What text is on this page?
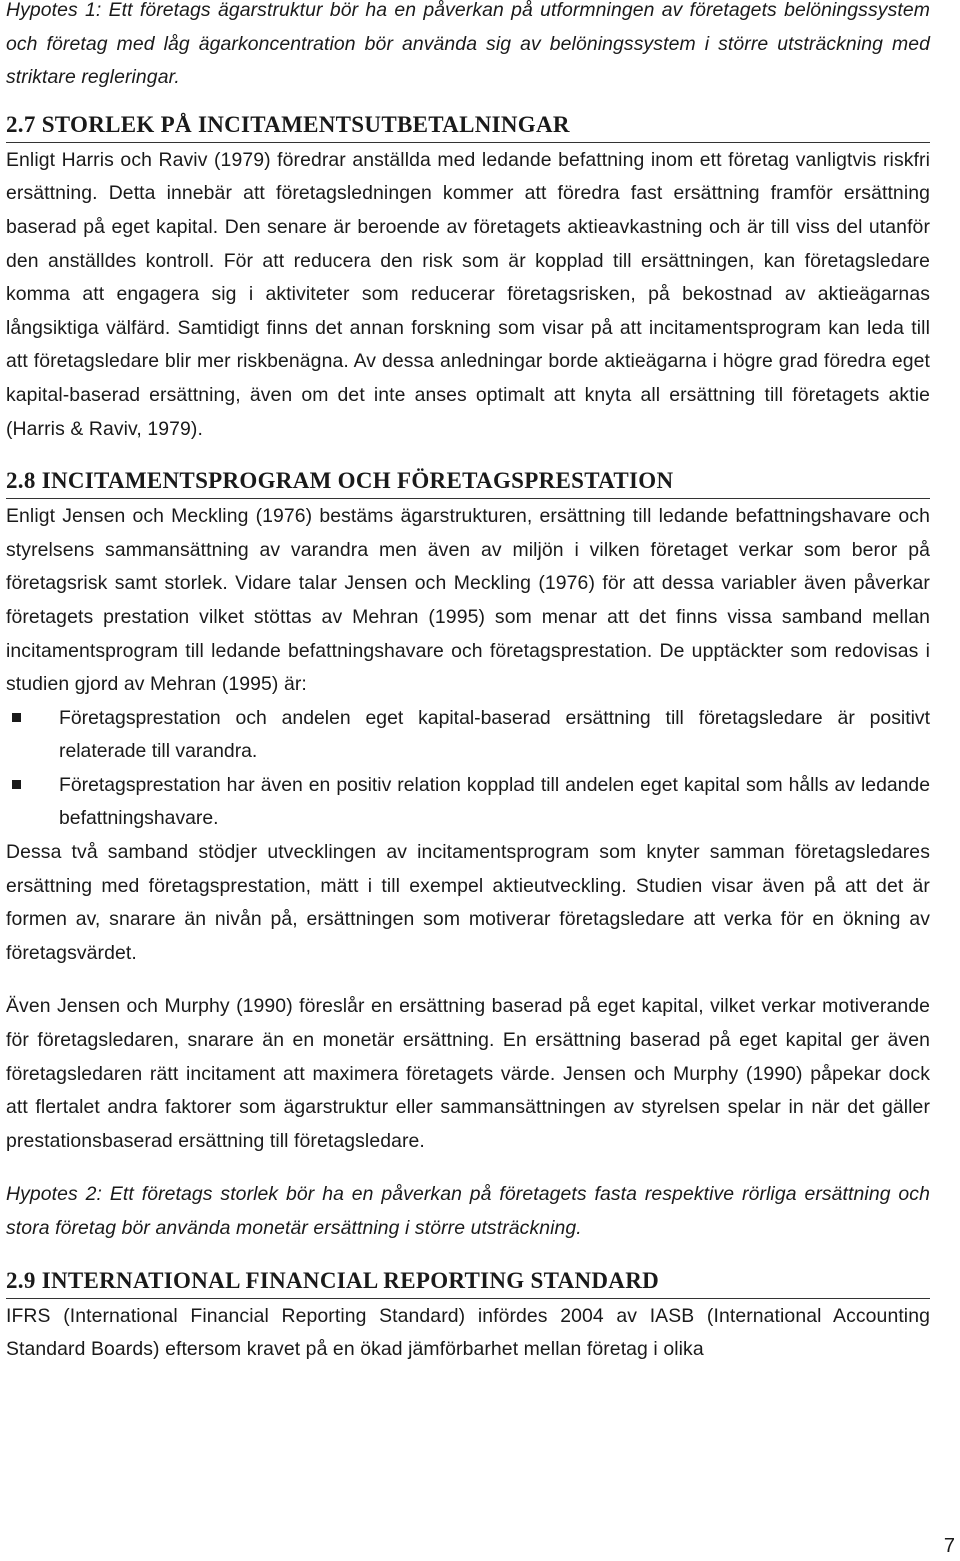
Hypotes 1: Ett företags ägarstruktur bör ha en påverkan på utformningen av företagets belöningssystem och företag med låg ägarkoncentration bör använda sig av belöningssystem i större utsträckning med striktare regleringar.

2.7 STORLEK PÅ INCITAMENTSUTBETALNINGAR

Enligt Harris och Raviv (1979) föredrar anställda med ledande befattning inom ett företag vanligtvis riskfri ersättning. Detta innebär att företagsledningen kommer att föredra fast ersättning framför ersättning baserad på eget kapital. Den senare är beroende av företagets aktieavkastning och är till viss del utanför den anställdes kontroll. För att reducera den risk som är kopplad till ersättningen, kan företagsledare komma att engagera sig i aktiviteter som reducerar företagsrisken, på bekostnad av aktieägarnas långsiktiga välfärd. Samtidigt finns det annan forskning som visar på att incitamentsprogram kan leda till att företagsledare blir mer riskbenägna. Av dessa anledningar borde aktieägarna i högre grad föredra eget kapital-baserad ersättning, även om det inte anses optimalt att knyta all ersättning till företagets aktie (Harris & Raviv, 1979).

2.8 INCITAMENTSPROGRAM OCH FÖRETAGSPRESTATION

Enligt Jensen och Meckling (1976) bestäms ägarstrukturen, ersättning till ledande befattningshavare och styrelsens sammansättning av varandra men även av miljön i vilken företaget verkar som beror på företagsrisk samt storlek. Vidare talar Jensen och Meckling (1976) för att dessa variabler även påverkar företagets prestation vilket stöttas av Mehran (1995) som menar att det finns vissa samband mellan incitamentsprogram till ledande befattningshavare och företagsprestation. De upptäckter som redovisas i studien gjord av Mehran (1995) är:

Företagsprestation och andelen eget kapital-baserad ersättning till företagsledare är positivt relaterade till varandra.
Företagsprestation har även en positiv relation kopplad till andelen eget kapital som hålls av ledande befattningshavare.

Dessa två samband stödjer utvecklingen av incitamentsprogram som knyter samman företagsledares ersättning med företagsprestation, mätt i till exempel aktieutveckling. Studien visar även på att det är formen av, snarare än nivån på, ersättningen som motiverar företagsledare att verka för en ökning av företagsvärdet.

Även Jensen och Murphy (1990) föreslår en ersättning baserad på eget kapital, vilket verkar motiverande för företagsledaren, snarare än en monetär ersättning. En ersättning baserad på eget kapital ger även företagsledaren rätt incitament att maximera företagets värde. Jensen och Murphy (1990) påpekar dock att flertalet andra faktorer som ägarstruktur eller sammansättningen av styrelsen spelar in när det gäller prestationsbaserad ersättning till företagsledare.

Hypotes 2: Ett företags storlek bör ha en påverkan på företagets fasta respektive rörliga ersättning och stora företag bör använda monetär ersättning i större utsträckning.

2.9 INTERNATIONAL FINANCIAL REPORTING STANDARD

IFRS (International Financial Reporting Standard) infördes 2004 av IASB (International Accounting Standard Boards) eftersom kravet på en ökad jämförbarhet mellan företag i olika

7
